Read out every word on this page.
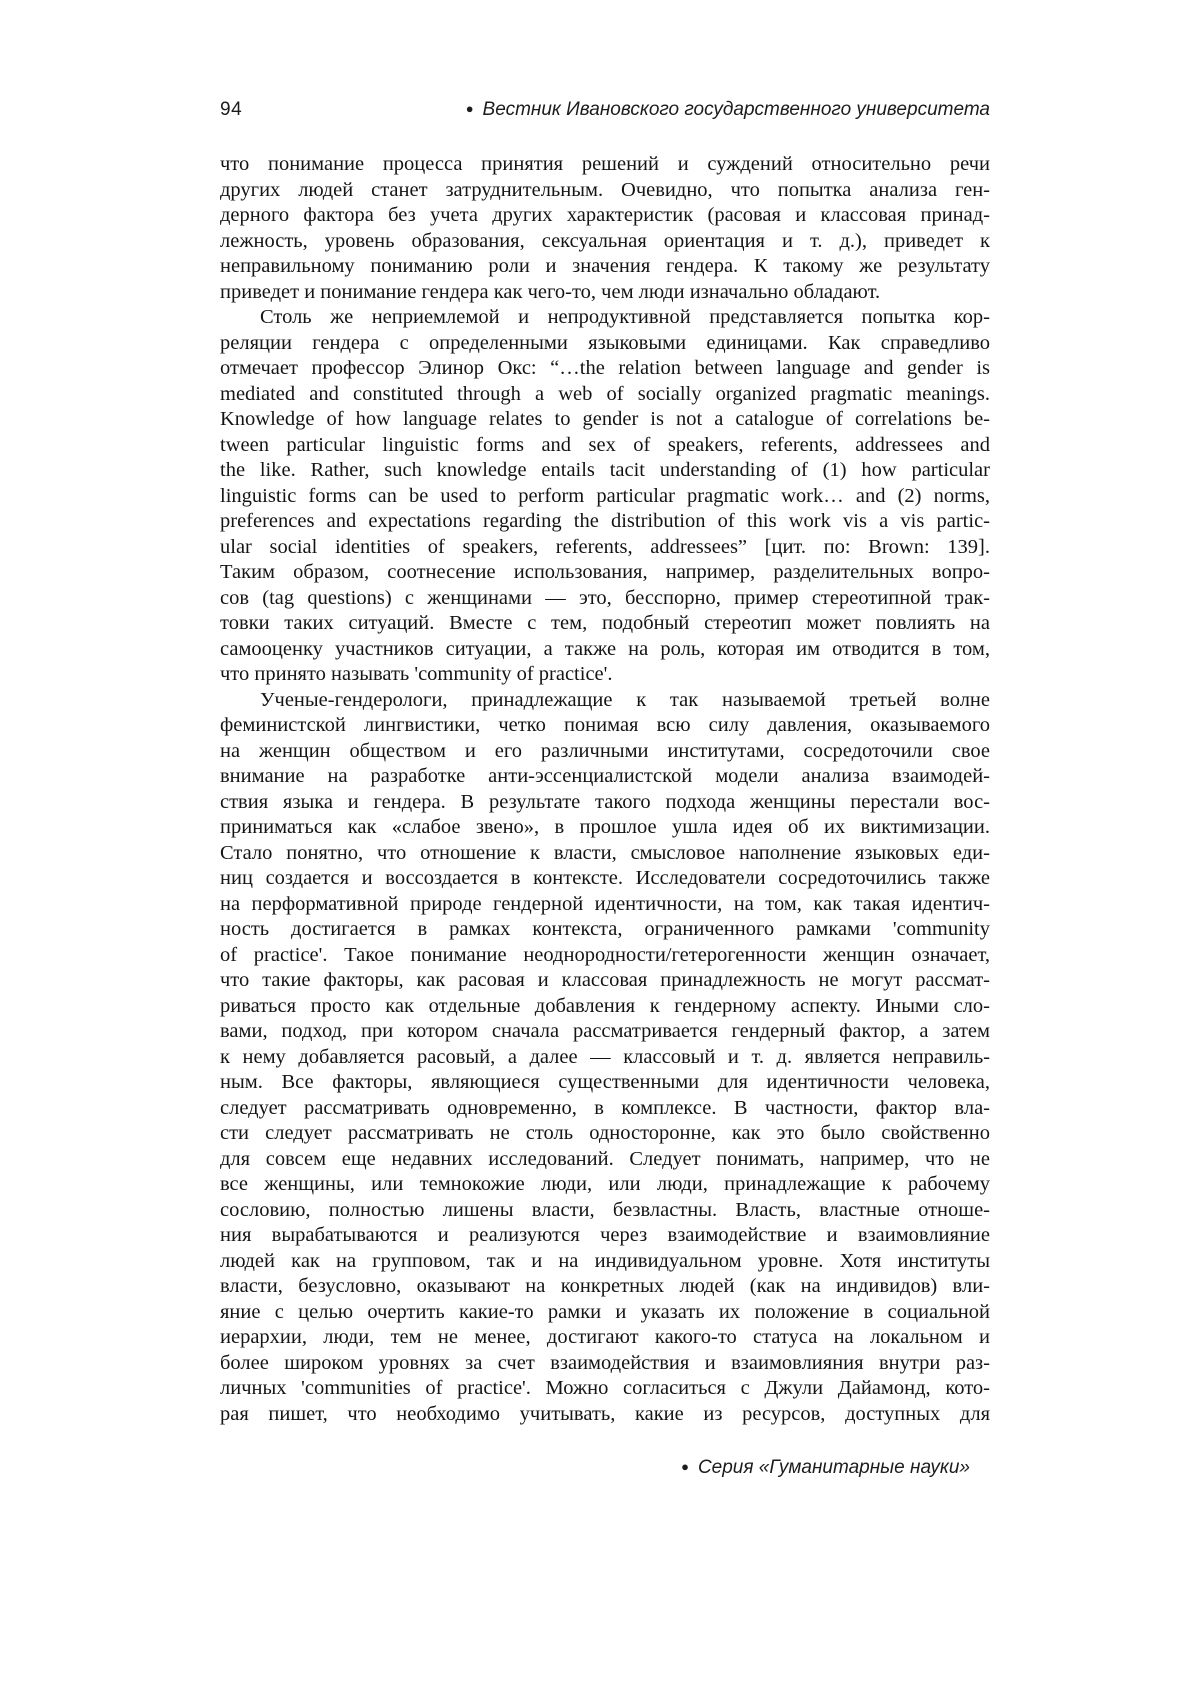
94	● Вестник Ивановского государственного университета
что понимание процесса принятия решений и суждений относительно речи
других людей станет затруднительным. Очевидно, что попытка анализа ген-
дерного фактора без учета других характеристик (расовая и классовая принад-
лежность, уровень образования, сексуальная ориентация и т. д.), приведет к
неправильному пониманию роли и значения гендера. К такому же результату
приведет и понимание гендера как чего-то, чем люди изначально обладают.
Столь же неприемлемой и непродуктивной представляется попытка кор-
реляции гендера с определенными языковыми единицами. Как справедливо
отмечает профессор Элинор Окс: “…the relation between language and gender is
mediated and constituted through a web of socially organized pragmatic meanings.
Knowledge of how language relates to gender is not a catalogue of correlations be-
tween particular linguistic forms and sex of speakers, referents, addressees and
the like. Rather, such knowledge entails tacit understanding of (1) how particular
linguistic forms can be used to perform particular pragmatic work… and (2) norms,
preferences and expectations regarding the distribution of this work vis a vis partic-
ular social identities of speakers, referents, addressees” [цит. по: Brown: 139].
Таким образом, соотнесение использования, например, разделительных вопро-
сов (tag questions) с женщинами — это, бесспорно, пример стереотипной трак-
товки таких ситуаций. Вместе с тем, подобный стереотип может повлиять на
самооценку участников ситуации, а также на роль, которая им отводится в том,
что принято называть 'community of practice'.
Ученые-гендерологи, принадлежащие к так называемой третьей волне
феминистской лингвистики, четко понимая всю силу давления, оказываемого
на женщин обществом и его различными институтами, сосредоточили свое
внимание на разработке анти-эссенциалистской модели анализа взаимодей-
ствия языка и гендера. В результате такого подхода женщины перестали вос-
приниматься как «слабое звено», в прошлое ушла идея об их виктимизации.
Стало понятно, что отношение к власти, смысловое наполнение языковых еди-
ниц создается и воссоздается в контексте. Исследователи сосредоточились также
на перформативной природе гендерной идентичности, на том, как такая идентич-
ность достигается в рамках контекста, ограниченного рамками 'community
of practice'. Такое понимание неоднородности/гетерогенности женщин означает,
что такие факторы, как расовая и классовая принадлежность не могут рассмат-
риваться просто как отдельные добавления к гендерному аспекту. Иными сло-
вами, подход, при котором сначала рассматривается гендерный фактор, а затем
к нему добавляется расовый, а далее — классовый и т. д. является неправиль-
ным. Все факторы, являющиеся существенными для идентичности человека,
следует рассматривать одновременно, в комплексе. В частности, фактор вла-
сти следует рассматривать не столь односторонне, как это было свойственно
для совсем еще недавних исследований. Следует понимать, например, что не
все женщины, или темнокожие люди, или люди, принадлежащие к рабочему
сословию, полностью лишены власти, безвластны. Власть, властные отноше-
ния вырабатываются и реализуются через взаимодействие и взаимовлияние
людей как на групповом, так и на индивидуальном уровне. Хотя институты
власти, безусловно, оказывают на конкретных людей (как на индивидов) вли-
яние с целью очертить какие-то рамки и указать их положение в социальной
иерархии, люди, тем не менее, достигают какого-то статуса на локальном и
более широком уровнях за счет взаимодействия и взаимовлияния внутри раз-
личных 'communities of practice'. Можно согласиться с Джули Дайамонд, кото-
рая пишет, что необходимо учитывать, какие из ресурсов, доступных для
● Серия «Гуманитарные науки»
